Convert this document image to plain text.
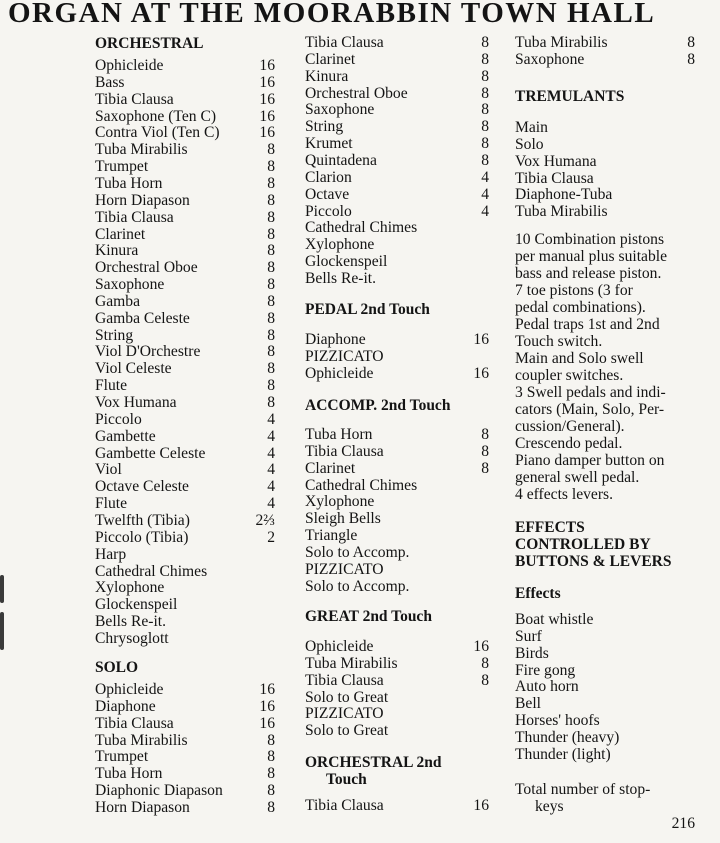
ORGAN AT THE MOORABBIN TOWN HALL
ORCHESTRAL
Ophicleide	16
Bass	16
Tibia Clausa	16
Saxophone (Ten C)	16
Contra Viol (Ten C)	16
Tuba Mirabilis	8
Trumpet	8
Tuba Horn	8
Horn Diapason	8
Tibia Clausa	8
Clarinet	8
Kinura	8
Orchestral Oboe	8
Saxophone	8
Gamba	8
Gamba Celeste	8
String	8
Viol D'Orchestre	8
Viol Celeste	8
Flute	8
Vox Humana	8
Piccolo	4
Gambette	4
Gambette Celeste	4
Viol	4
Octave Celeste	4
Flute	4
Twelfth (Tibia)	2⅔
Piccolo (Tibia)	2
Harp
Cathedral Chimes
Xylophone
Glockenspeil
Bells Re-it.
Chrysoglott
SOLO
Ophicleide	16
Diaphone	16
Tibia Clausa	16
Tuba Mirabilis	8
Trumpet	8
Tuba Horn	8
Diaphonic Diapason	8
Horn Diapason	8
Tibia Clausa	8
Clarinet	8
Kinura	8
Orchestral Oboe	8
Saxophone	8
String	8
Krumet	8
Quintadena	8
Clarion	4
Octave	4
Piccolo	4
Cathedral Chimes
Xylophone
Glockenspeil
Bells Re-it.
PEDAL 2nd Touch
Diaphone	16
PIZZICATO
Ophicleide	16
ACCOMP. 2nd Touch
Tuba Horn	8
Tibia Clausa	8
Clarinet	8
Cathedral Chimes
Xylophone
Sleigh Bells
Triangle
Solo to Accomp.
PIZZICATO
Solo to Accomp.
GREAT 2nd Touch
Ophicleide	16
Tuba Mirabilis	8
Tibia Clausa	8
Solo to Great
PIZZICATO
Solo to Great
ORCHESTRAL 2nd
Touch
Tibia Clausa	16
Tuba Mirabilis	8
Saxophone	8
TREMULANTS
Main
Solo
Vox Humana
Tibia Clausa
Diaphone-Tuba
Tuba Mirabilis
10 Combination pistons
per manual plus suitable
bass and release piston.
7 toe pistons (3 for
pedal combinations).
Pedal traps 1st and 2nd
Touch switch.
Main and Solo swell
coupler switches.
3 Swell pedals and indi-
cators (Main, Solo, Per-
cussion/General).
Crescendo pedal.
Piano damper button on
general swell pedal.
4 effects levers.
EFFECTS
CONTROLLED BY
BUTTONS & LEVERS
Effects
Boat whistle
Surf
Birds
Fire gong
Auto horn
Bell
Horses' hoofs
Thunder (heavy)
Thunder (light)
Total number of stop-
keys
216
